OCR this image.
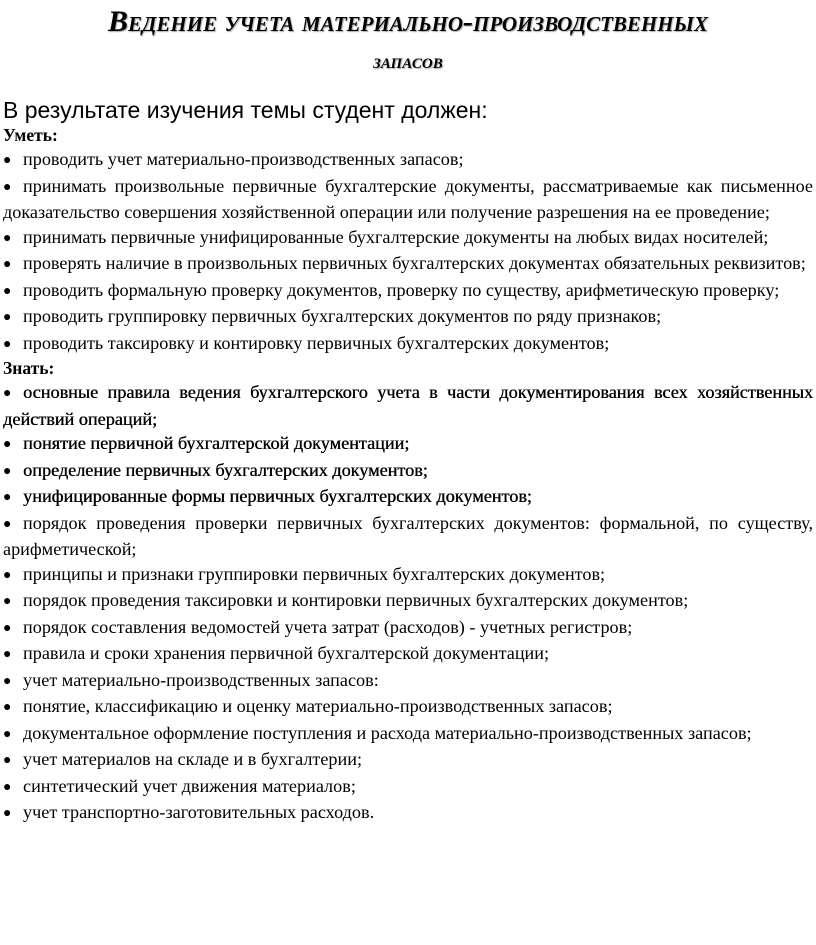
Ведение учета материально-производственных
запасов

В результате изучения темы студент должен:

Уметь:

● проводить учет материально-производственных запасов;
● принимать произвольные первичные бухгалтерские документы, рассматриваемые как письменное доказательство совершения хозяйственной операции или получение разрешения на ее проведение;
● принимать первичные унифицированные бухгалтерские документы на любых видах носителей;
● проверять наличие в произвольных первичных бухгалтерских документах обязательных реквизитов;
● проводить формальную проверку документов, проверку по существу, арифметическую проверку;
● проводить группировку первичных бухгалтерских документов по ряду признаков;
● проводить таксировку и контировку первичных бухгалтерских документов;

Знать:

● основные правила ведения бухгалтерского учета в части документирования всех хозяйственных действий операций;
● понятие первичной бухгалтерской документации;
● определение первичных бухгалтерских документов;
● унифицированные формы первичных бухгалтерских документов;
● порядок проведения проверки первичных бухгалтерских документов: формальной, по существу, арифметической;
● принципы и признаки группировки первичных бухгалтерских документов;
● порядок проведения таксировки и контировки первичных бухгалтерских документов;
● порядок составления ведомостей учета затрат (расходов) - учетных регистров;
● правила и сроки хранения первичной бухгалтерской документации;
● учет материально-производственных запасов:
● понятие, классификацию и оценку материально-производственных запасов;
● документальное оформление поступления и расхода материально-производственных запасов;
● учет материалов на складе и в бухгалтерии;
● синтетический учет движения материалов;
● учет транспортно-заготовительных расходов.
